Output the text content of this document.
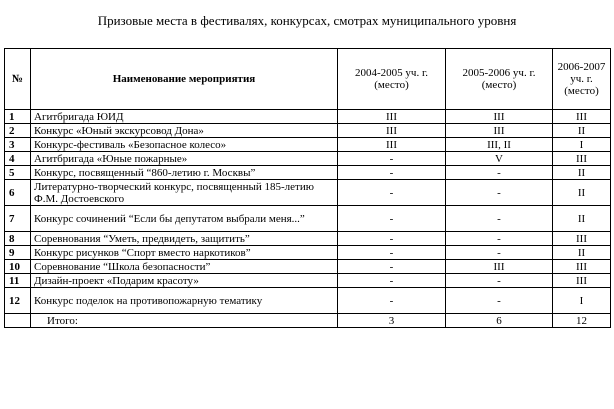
Призовые места в фестивалях, конкурсах, смотрах муниципального уровня
№	Наименование мероприятия	2004-2005 уч. г. (место)	2005-2006 уч. г. (место)	2006-2007 уч. г. (место)
1	Агитбригада ЮИД	III	III	III
2	Конкурс «Юный экскурсовод Дона»	III	III	II
3	Конкурс-фестиваль «Безопасное колесо»	III	III, II	I
4	Агитбригада «Юные пожарные»	-	V	III
5	Конкурс, посвященный “860-летию г. Москвы”	-	-	II
6	Литературно-творческий конкурс, посвященный 185-летию Ф.М. Достоевского	-	-	II
7	Конкурс сочинений “Если бы депутатом выбрали меня...”	-	-	II
8	Соревнования “Уметь, предвидеть, защитить”	-	-	III
9	Конкурс рисунков “Спорт вместо наркотиков”	-	-	II
10	Соревнование “Школа безопасности”	-	III	III
11	Дизайн-проект «Подарим красоту»	-	-	III
12	Конкурс поделок на противопожарную тематику	-	-	I
	Итого:	3	6	12
